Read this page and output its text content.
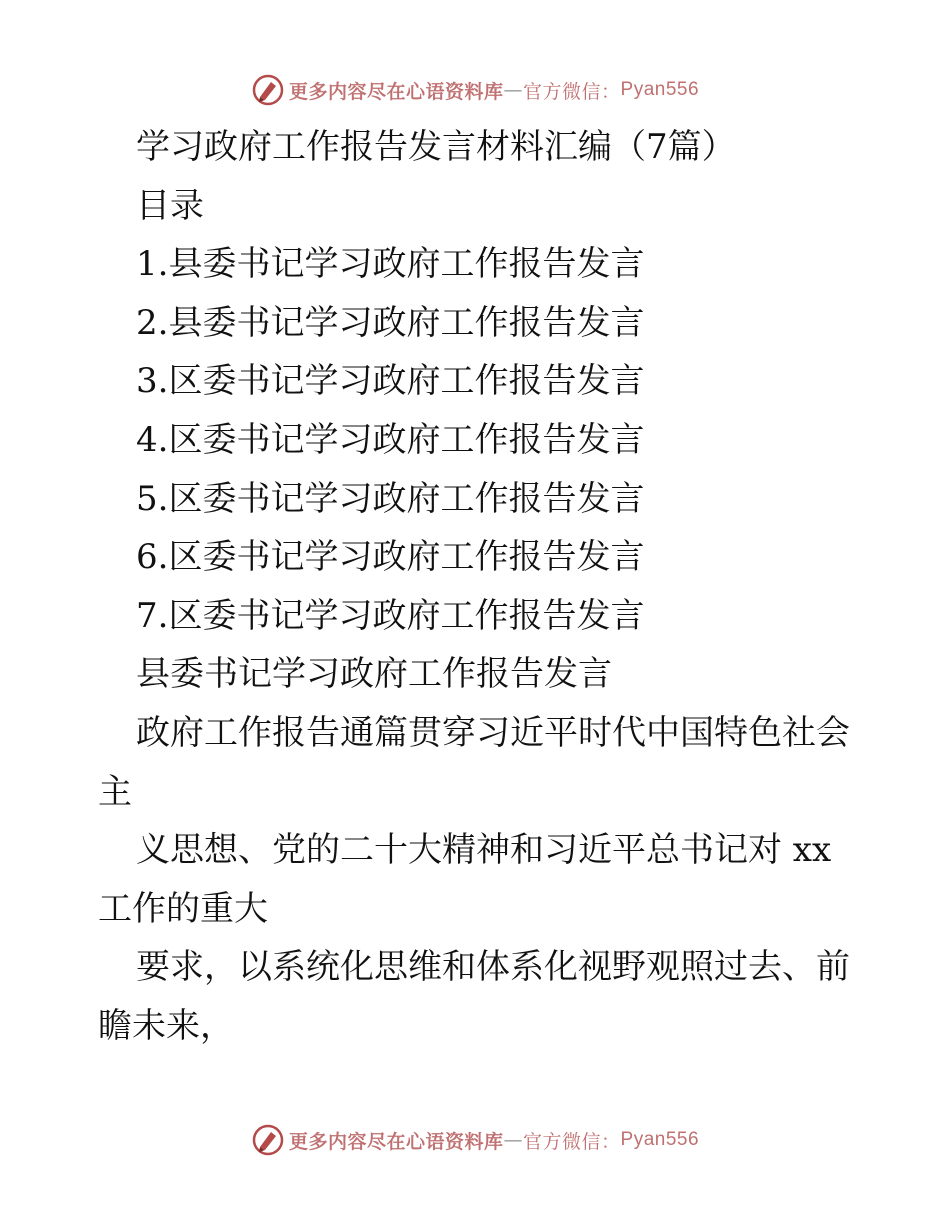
更多内容尽在心语资料库 — 官方微信 ： Pyan556

学习政府工作报告发言材料汇编（7篇）

目录

1.县委书记学习政府工作报告发言

2.县委书记学习政府工作报告发言

3.区委书记学习政府工作报告发言

4.区委书记学习政府工作报告发言

5.区委书记学习政府工作报告发言

6.区委书记学习政府工作报告发言

7.区委书记学习政府工作报告发言

县委书记学习政府工作报告发言

政府工作报告通篇贯穿习近平时代中国特色社会

主

义思想、党的二十大精神和习近平总书记对 xx

工作的重大

要求，以系统化思维和体系化视野观照过去、前

瞻未来，

更多内容尽在心语资料库 — 官方微信 ： Pyan556
